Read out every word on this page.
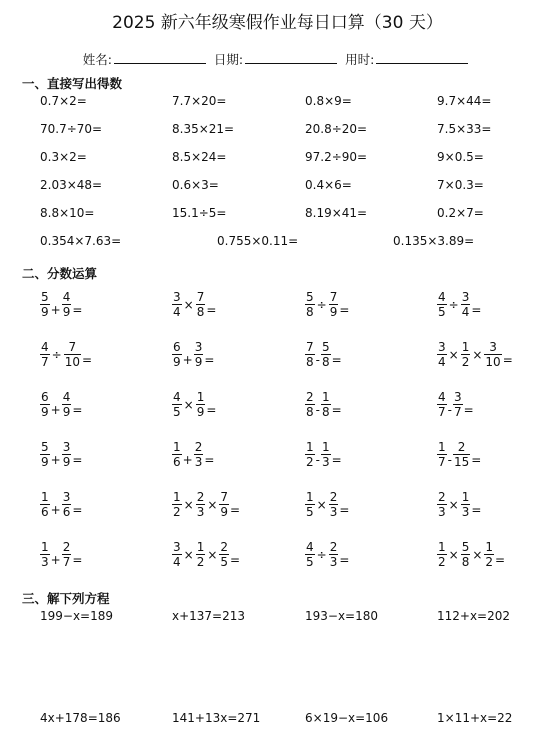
2025 新六年级寒假作业每日口算（30 天）
姓名:	日期:	用时:
一、直接写出得数
二、分数运算
三、解下列方程
0.7×2=	7.7×20=	0.8×9=	9.7×44=
70.7÷70=	8.35×21=	20.8÷20=	7.5×33=
0.3×2=	8.5×24=	97.2÷90=	9×0.5=
2.03×48=	0.6×3=	0.4×6=	7×0.3=
8.8×10=	15.1÷5=	8.19×41=	0.2×7=
0.354×7.63=	0.755×0.11=	0.135×3.89=
$\frac{5}{9} + \frac{4}{9}$ =	$\frac{3}{4} \times \frac{7}{8}$ =	$\frac{5}{8} \div \frac{7}{9}$ =	$\frac{4}{5} \div \frac{3}{4}$ =
$\frac{4}{7} \div \frac{7}{10}$ =	$\frac{6}{9} + \frac{3}{9}$ =	$\frac{7}{8} - \frac{5}{8}$ =	$\frac{3}{4} \times \frac{1}{2} \times \frac{3}{10}$ =
$\frac{6}{9} + \frac{4}{9}$ =	$\frac{4}{5} \times \frac{1}{9}$ =	$\frac{2}{8} - \frac{1}{8}$ =	$\frac{4}{7} - \frac{3}{7}$ =
$\frac{5}{9} + \frac{3}{9}$ =	$\frac{1}{6} + \frac{2}{3}$ =	$\frac{1}{2} - \frac{1}{3}$ =	$\frac{1}{7} - \frac{2}{15}$ =
$\frac{1}{6} + \frac{3}{6}$ =	$\frac{1}{2} \times \frac{2}{3} \times \frac{7}{9}$ =	$\frac{1}{5} \times \frac{2}{3}$ =	$\frac{2}{3} \times \frac{1}{3}$ =
$\frac{1}{3} + \frac{2}{7}$ =	$\frac{3}{4} \times \frac{1}{2} \times \frac{2}{5}$ =	$\frac{4}{5} \div \frac{2}{3}$ =	$\frac{1}{2} \times \frac{5}{8} \times \frac{1}{2}$ =
199−x=189	x+137=213	193−x=180	112+x=202
4x+178=186	141+13x=271	6×19−x=106	1×11+x=22
